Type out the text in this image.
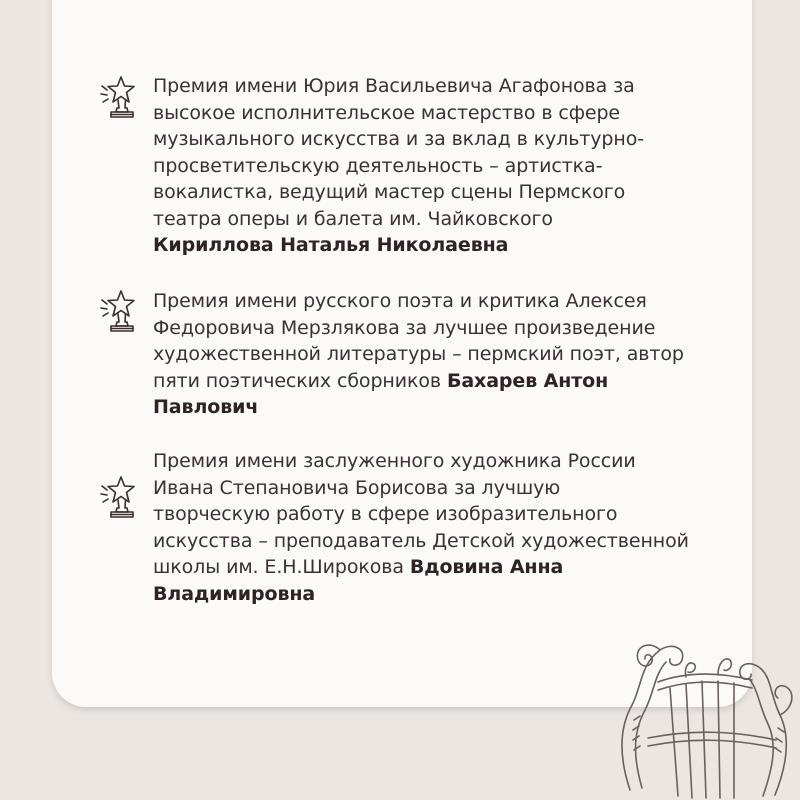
Премия имени Юрия Васильевича Агафонова за
высокое исполнительское мастерство в сфере
музыкального искусства и за вклад в культурно-
просветительскую деятельность – артистка-
вокалистка, ведущий мастер сцены Пермского
театра оперы и балета им. Чайковского
Кириллова Наталья Николаевна
Премия имени русского поэта и критика Алексея
Федоровича Мерзлякова за лучшее произведение
художественной литературы – пермский поэт, автор
пяти поэтических сборников Бахарев Антон
Павлович
Премия имени заслуженного художника России
Ивана Степановича Борисова за лучшую
творческую работу в сфере изобразительного
искусства – преподаватель Детской художественной
школы им. Е.Н.Широкова Вдовина Анна
Владимировна
